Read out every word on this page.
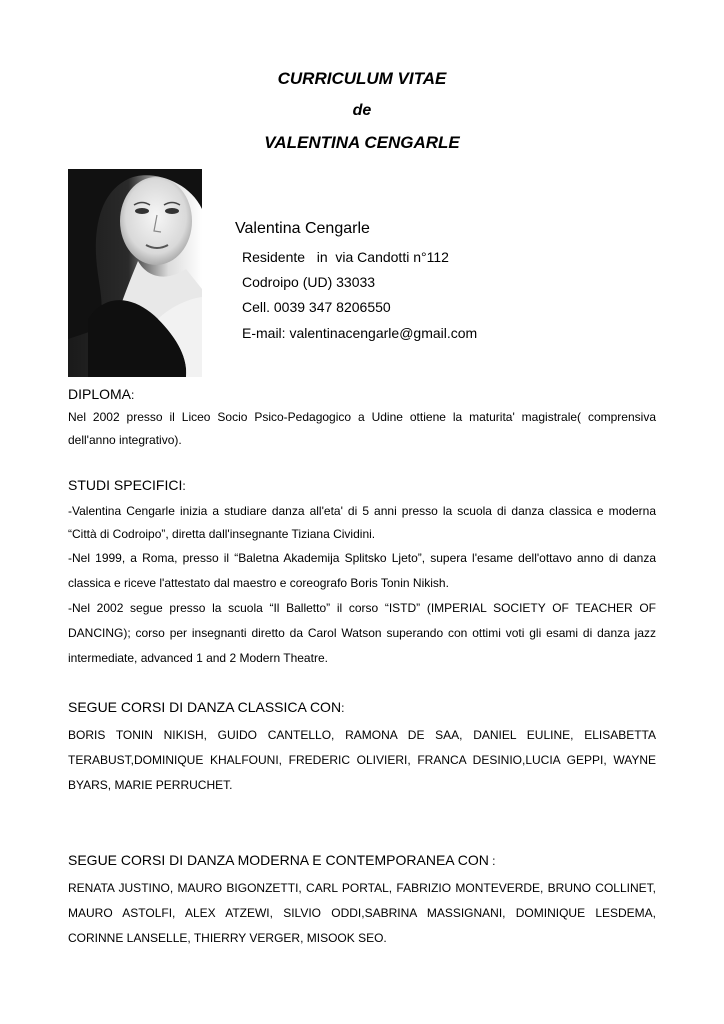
CURRICULUM VITAE
de
VALENTINA CENGARLE
Valentina Cengarle
Residente   in  via Candotti n°112
Codroipo (UD) 33033
Cell. 0039 347 8206550
E-mail: valentinacengarle@gmail.com
DIPLOMA:
Nel 2002 presso il Liceo Socio Psico-Pedagogico a Udine ottiene la maturita' magistrale( comprensiva dell'anno integrativo).
STUDI SPECIFICI:

-Valentina Cengarle inizia a studiare danza all'eta' di 5 anni presso la scuola di danza classica e moderna “Città di Codroipo”, diretta dall'insegnante Tiziana Cividini.

-Nel 1999, a Roma, presso il “Baletna Akademija Splitsko Ljeto”, supera l'esame dell'ottavo anno di danza classica e riceve l'attestato dal maestro e coreografo Boris Tonin Nikish.

-Nel 2002 segue presso la scuola “Il Balletto” il corso “ISTD” (IMPERIAL SOCIETY OF TEACHER OF DANCING); corso per insegnanti diretto da Carol Watson superando con ottimi voti gli esami di danza jazz intermediate, advanced 1 and 2 Modern Theatre.

SEGUE CORSI DI DANZA CLASSICA CON:
BORIS TONIN NIKISH, GUIDO CANTELLO, RAMONA DE SAA, DANIEL EULINE, ELISABETTA TERABUST,DOMINIQUE KHALFOUNI, FREDERIC OLIVIERI, FRANCA DESINIO,LUCIA GEPPI, WAYNE BYARS, MARIE PERRUCHET.
SEGUE CORSI DI DANZA MODERNA E CONTEMPORANEA CON :
RENATA JUSTINO, MAURO BIGONZETTI, CARL PORTAL, FABRIZIO MONTEVERDE, BRUNO COLLINET, MAURO ASTOLFI, ALEX ATZEWI, SILVIO ODDI,SABRINA MASSIGNANI, DOMINIQUE LESDEMA, CORINNE LANSELLE, THIERRY VERGER, MISOOK SEO.
